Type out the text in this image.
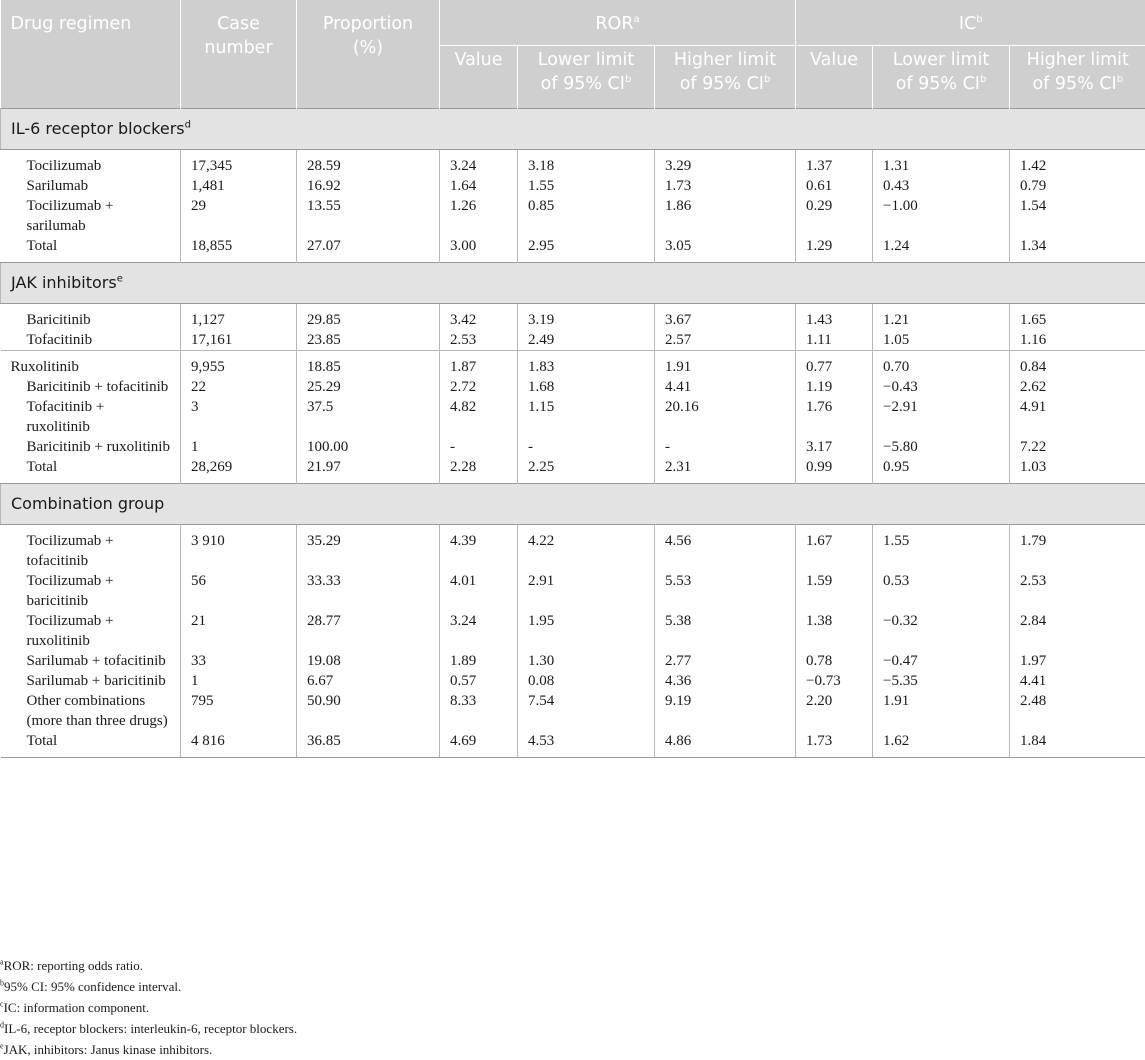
Drug regimen	Case number	Proportion (%)	ROR$^a$			$IC^b$
			Value	Lower limit of 95% $CI^b$	Higher limit of 95% $CI^b$	Value	Lower limit of 95% $CI^b$	Higher limit of 95% $CI^b$
IL-6 receptor blockers$^d$
Tocilizumab	17,345	28.59	3.24	3.18	3.29	1.37	1.31	1.42
Sarilumab	1,481	16.92	1.64	1.55	1.73	0.61	0.43	0.79
Tocilizumab + sarilumab	29	13.55	1.26	0.85	1.86	0.29	−1.00	1.54
Total	18,855	27.07	3.00	2.95	3.05	1.29	1.24	1.34
JAK inhibitors$^e$
Baricitinib	1,127	29.85	3.42	3.19	3.67	1.43	1.21	1.65
Tofacitinib	17,161	23.85	2.53	2.49	2.57	1.11	1.05	1.16
Ruxolitinib	9,955	18.85	1.87	1.83	1.91	0.77	0.70	0.84
Baricitinib + tofacitinib	22	25.29	2.72	1.68	4.41	1.19	−0.43	2.62
Tofacitinib + ruxolitinib	3	37.5	4.82	1.15	20.16	1.76	−2.91	4.91
Baricitinib + ruxolitinib	1	100.00	-	-	-	3.17	−5.80	7.22
Total	28,269	21.97	2.28	2.25	2.31	0.99	0.95	1.03
Combination group								
Tocilizumab + tofacitinib	3 910	35.29	4.39	4.22	4.56	1.67	1.55	1.79
Tocilizumab + baricitinib	56	33.33	4.01	2.91	5.53	1.59	0.53	2.53
Tocilizumab + ruxolitinib	21	28.77	3.24	1.95	5.38	1.38	−0.32	2.84
Sarilumab + tofacitinib	33	19.08	1.89	1.30	2.77	0.78	−0.47	1.97
Sarilumab + baricitinib	1	6.67	0.57	0.08	4.36	−0.73	−5.35	4.41
Other combinations (more than three drugs)	795	50.90	8.33	7.54	9.19	2.20	1.91	2.48
Total	4 816	36.85	4.69	4.53	4.86	1.73	1.62	1.84
$^a$ROR: reporting odds ratio.
$^b$95% CI: 95% confidence interval.
$^c$IC: information component.
$^d$IL-6, receptor blockers: interleukin-6, receptor blockers.
$^e$JAK, inhibitors: Janus kinase inhibitors.
